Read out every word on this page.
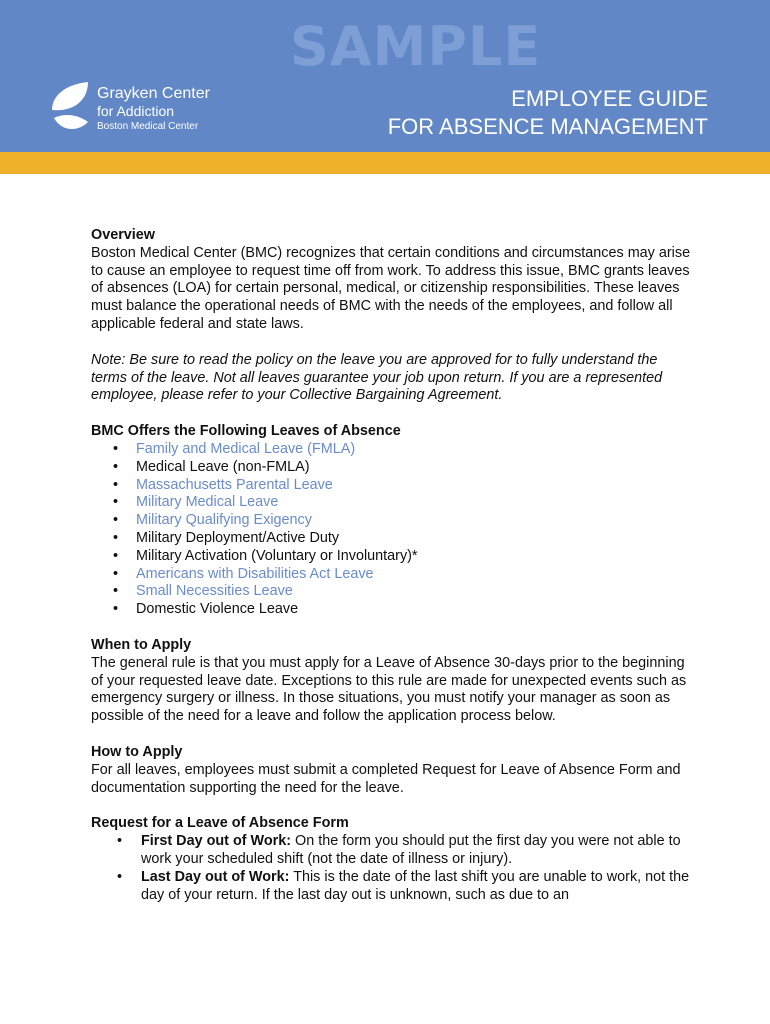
SAMPLE
Grayken Center
for Addiction
Boston Medical Center
EMPLOYEE GUIDE
FOR ABSENCE MANAGEMENT

Overview

Boston Medical Center (BMC) recognizes that certain conditions and circumstances may arise to cause an employee to request time off from work. To address this issue, BMC grants leaves of absences (LOA) for certain personal, medical, or citizenship responsibilities. These leaves must balance the operational needs of BMC with the needs of the employees, and follow all applicable federal and state laws.

Note: Be sure to read the policy on the leave you are approved for to fully understand the terms of the leave. Not all leaves guarantee your job upon return. If you are a represented employee, please refer to your Collective Bargaining Agreement.

BMC Offers the Following Leaves of Absence

• Family and Medical Leave (FMLA)
• Medical Leave (non-FMLA)
• Massachusetts Parental Leave
• Military Medical Leave
• Military Qualifying Exigency
• Military Deployment/Active Duty
• Military Activation (Voluntary or Involuntary)*
• Americans with Disabilities Act Leave
• Small Necessities Leave
• Domestic Violence Leave

When to Apply

The general rule is that you must apply for a Leave of Absence 30-days prior to the beginning of your requested leave date. Exceptions to this rule are made for unexpected events such as emergency surgery or illness. In those situations, you must notify your manager as soon as possible of the need for a leave and follow the application process below.

How to Apply

For all leaves, employees must submit a completed Request for Leave of Absence Form and documentation supporting the need for the leave.

Request for a Leave of Absence Form

• First Day out of Work: On the form you should put the first day you were not able to work your scheduled shift (not the date of illness or injury).
• Last Day out of Work: This is the date of the last shift you are unable to work, not the day of your return. If the last day out is unknown, such as due to an
